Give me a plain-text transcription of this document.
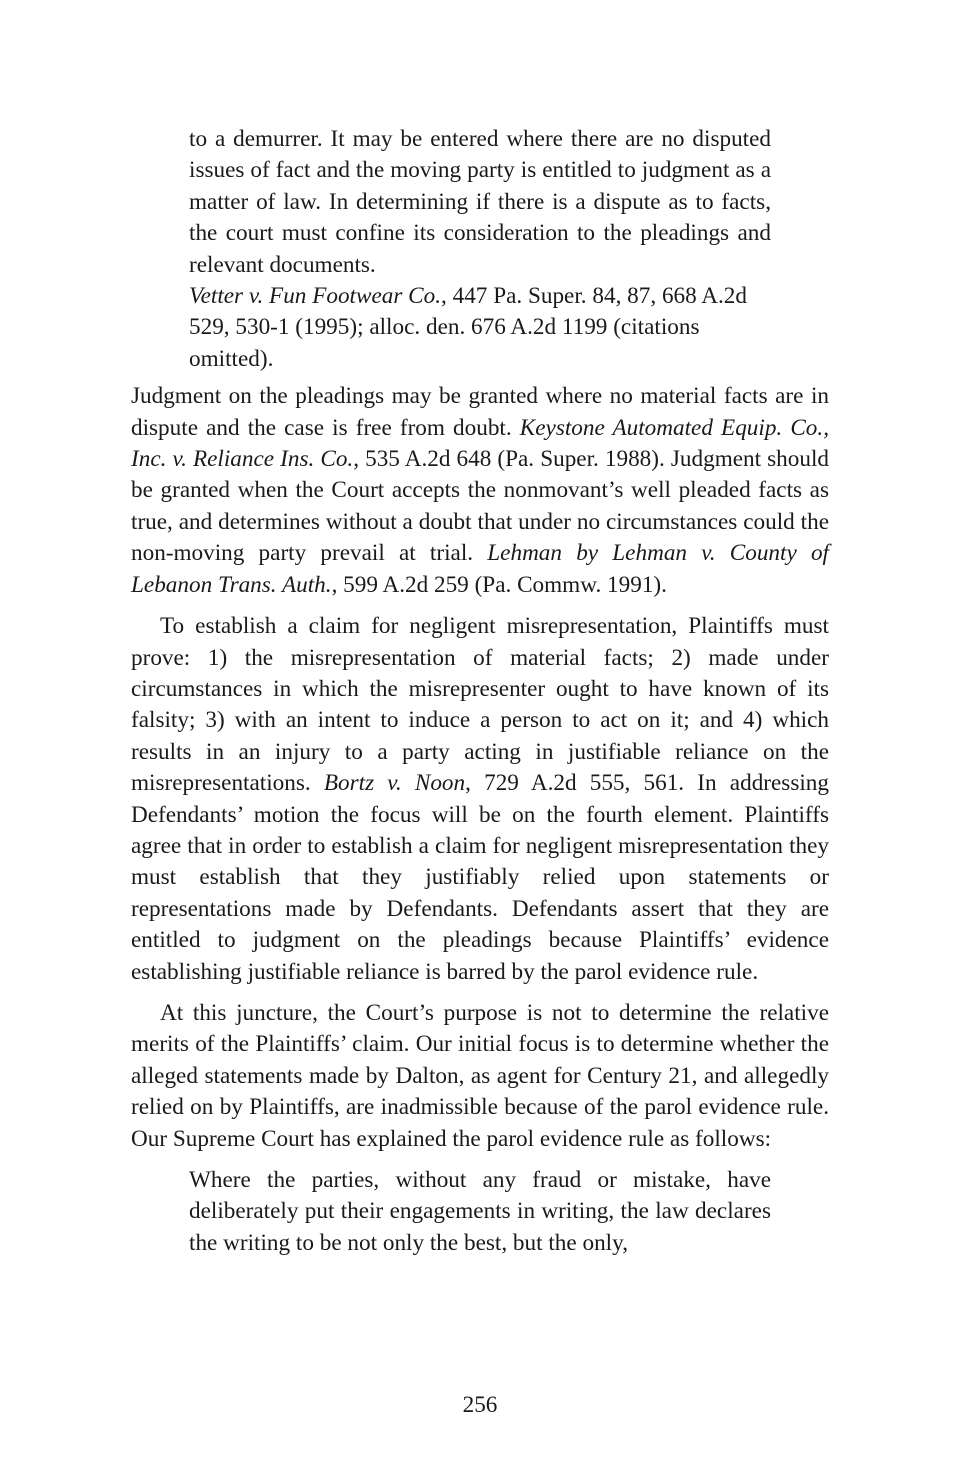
to a demurrer. It may be entered where there are no disputed issues of fact and the moving party is entitled to judgment as a matter of law. In determining if there is a dispute as to facts, the court must confine its consideration to the pleadings and relevant documents.

Vetter v. Fun Footwear Co., 447 Pa. Super. 84, 87, 668 A.2d 529, 530-1 (1995); alloc. den. 676 A.2d 1199 (citations omitted).

Judgment on the pleadings may be granted where no material facts are in dispute and the case is free from doubt. Keystone Automated Equip. Co., Inc. v. Reliance Ins. Co., 535 A.2d 648 (Pa. Super. 1988). Judgment should be granted when the Court accepts the nonmovant’s well pleaded facts as true, and determines without a doubt that under no circumstances could the non-moving party prevail at trial. Lehman by Lehman v. County of Lebanon Trans. Auth., 599 A.2d 259 (Pa. Commw. 1991).

To establish a claim for negligent misrepresentation, Plaintiffs must prove: 1) the misrepresentation of material facts; 2) made under circumstances in which the misrepresenter ought to have known of its falsity; 3) with an intent to induce a person to act on it; and 4) which results in an injury to a party acting in justifiable reliance on the misrepresentations. Bortz v. Noon, 729 A.2d 555, 561. In addressing Defendants’ motion the focus will be on the fourth element. Plaintiffs agree that in order to establish a claim for negligent misrepresentation they must establish that they justifiably relied upon statements or representations made by Defendants. Defendants assert that they are entitled to judgment on the pleadings because Plaintiffs’ evidence establishing justifiable reliance is barred by the parol evidence rule.

At this juncture, the Court’s purpose is not to determine the relative merits of the Plaintiffs’ claim. Our initial focus is to determine whether the alleged statements made by Dalton, as agent for Century 21, and allegedly relied on by Plaintiffs, are inadmissible because of the parol evidence rule. Our Supreme Court has explained the parol evidence rule as follows:

Where the parties, without any fraud or mistake, have deliberately put their engagements in writing, the law declares the writing to be not only the best, but the only,

256
